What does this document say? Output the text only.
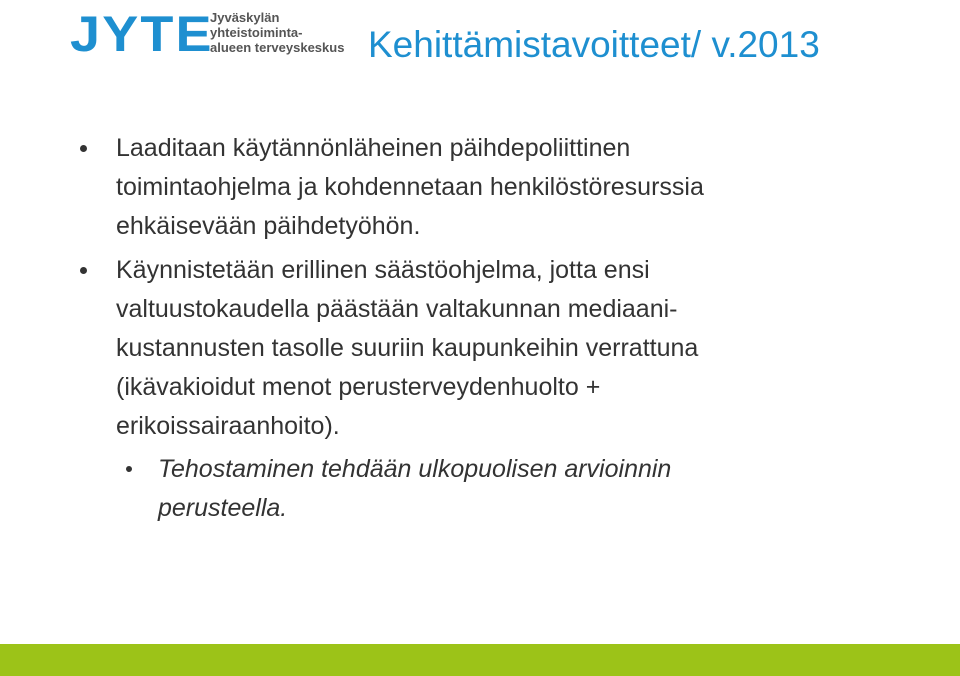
JYTE
Jyväskylän
yhteistoiminta-
alueen terveyskeskus Kehittämistavoitteet/ v.2013
Laaditaan käytännönläheinen päihdepoliittinen
toimintaohjelma ja kohdennetaan henkilöstöresurssia
ehkäisevään päihdetyöhön.
Käynnistetään erillinen säästöohjelma, jotta ensi
valtuustokaudella päästään valtakunnan mediaani-
kustannusten tasolle suuriin kaupunkeihin verrattuna
(ikävakioidut menot perusterveydenhuolto +
erikoissairaanhoito).
Tehostaminen tehdään ulkopuolisen arvioinnin
perusteella.
